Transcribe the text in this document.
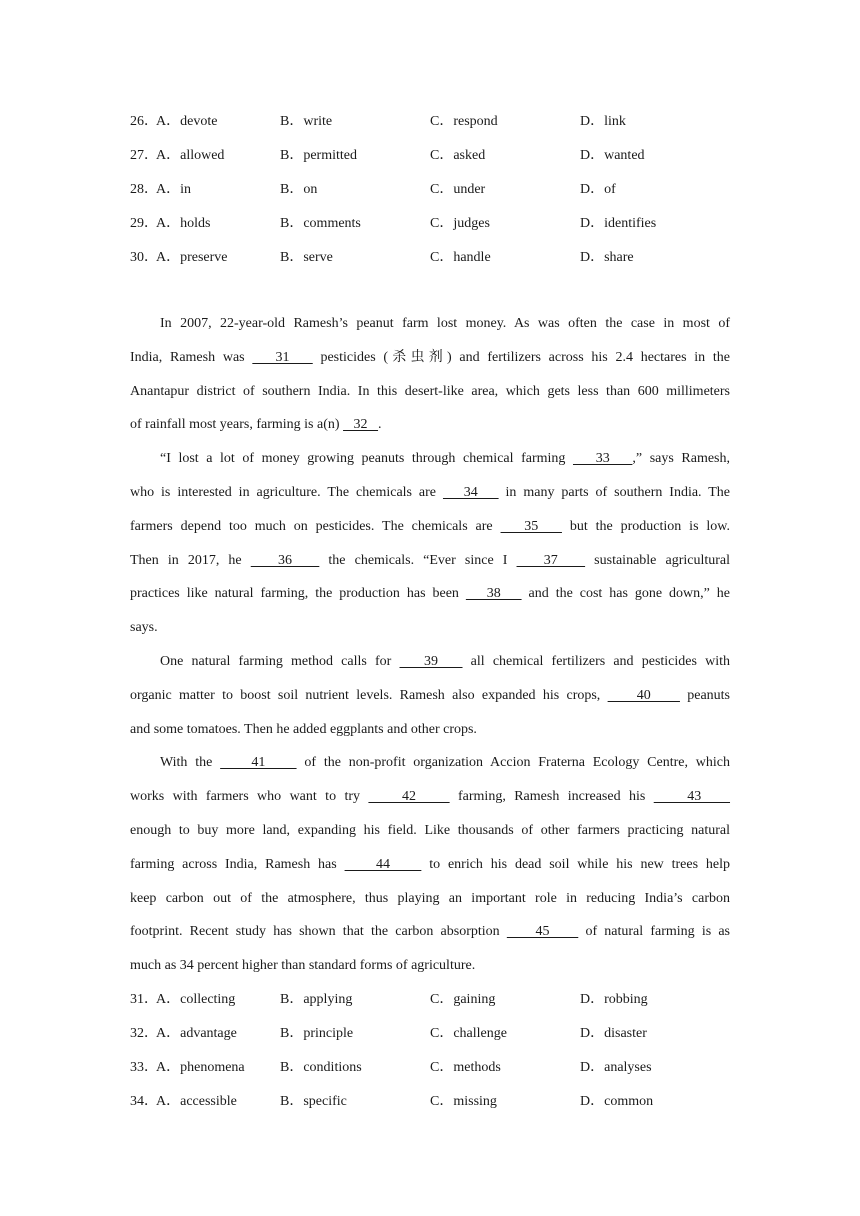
26．
A．devote	B．write	C．respond	D．link
27．
A．allowed	B．permitted	C．asked	D．wanted
28．
A．in	B．on	C．under	D．of
29．
A．holds	B．comments	C．judges	D．identifies
30．
A．preserve	B．serve	C．handle	D．share
In 2007, 22-year-old Ramesh’s peanut farm lost money. As was often the case in most of
India, Ramesh was    31    pesticides (杀虫剂) and fertilizers across his 2.4 hectares in the
Anantapur district of southern India. In this desert-like area, which gets less than 600 millimeters
of rainfall most years, farming is a(n)    32   .
“I lost a lot of money growing peanuts through chemical farming    33   ,” says Ramesh,
who is interested in agriculture. The chemicals are    34    in many parts of southern India. The
farmers depend too much on pesticides. The chemicals are    35    but the production is low.
Then in 2017, he    36    the chemicals. “Ever since I    37    sustainable agricultural
practices like natural farming, the production has been    38    and the cost has gone down,” he
says.
One natural farming method calls for    39    all chemical fertilizers and pesticides with
organic matter to boost soil nutrient levels. Ramesh also expanded his crops,     40     peanuts
and some tomatoes. Then he added eggplants and other crops.
With the     41     of the non-profit organization Accion Fraterna Ecology Centre, which
works with farmers who want to try     42     farming, Ramesh increased his     43
enough to buy more land, expanding his field. Like thousands of other farmers practicing natural
farming across India, Ramesh has     44     to enrich his dead soil while his new trees help
keep carbon out of the atmosphere, thus playing an important role in reducing India’s carbon
footprint. Recent study has shown that the carbon absorption     45     of natural farming is as
much as 34 percent higher than standard forms of agriculture.
31．
A．collecting	B．applying	C．gaining	D．robbing
32．
A．advantage	B．principle	C．challenge	D．disaster
33．
A．phenomena	B．conditions	C．methods	D．analyses
34．
A．accessible	B．specific	C．missing	D．common
